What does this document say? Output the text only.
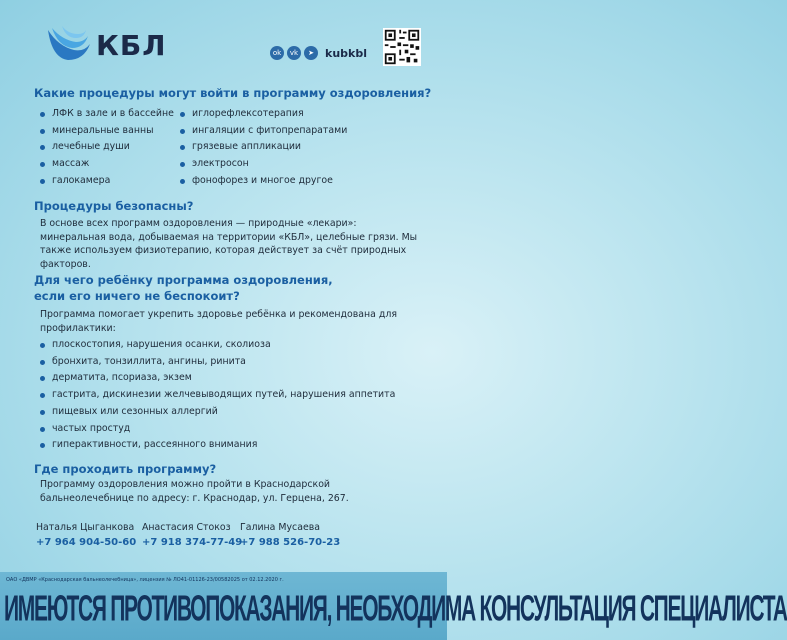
КБЛ	ok	vk	➤	kubkbl
Какие процедуры могут войти в программу оздоровления?
ЛФК в зале и в бассейне
минеральные ванны
лечебные души
массаж
галокамера
иглорефлексотерапия
ингаляции с фитопрепаратами
грязевые аппликации
электросон
фонофорез и многое другое
Процедуры безопасны?

В основе всех программ оздоровления — природные «лекари»: минеральная вода, добываемая на территории «КБЛ», целебные грязи. Мы также используем физиотерапию, которая действует за счёт природных факторов.

Для чего ребёнку программа оздоровления, если его ничего не беспокоит?

Программа помогает укрепить здоровье ребёнка и рекомендована для профилактики:

плоскостопия, нарушения осанки, сколиоза
бронхита, тонзиллита, ангины, ринита
дерматита, псориаза, экзем
гастрита, дискинезии желчевыводящих путей, нарушения аппетита
пищевых или сезонных аллергий
частых простуд
гиперактивности, рассеянного внимания
Где проходить программу?

Программу оздоровления можно пройти в Краснодарской бальнеолечебнице по адресу: г. Краснодар, ул. Герцена, 267.

Наталья Цыганкова
+7 964 904-50-60
Анастасия Стокоз
+7 918 374-77-49
Галина Мусаева
+7 988 526-70-23
ОАО «ДВМР «Краснодарская бальнеолечебница», лицензия № ЛО41-01126-23/00582025 от 02.12.2020 г.
ИМЕЮТСЯ ПРОТИВОПОКАЗАНИЯ, НЕОБХОДИМА КОНСУЛЬТАЦИЯ СПЕЦИАЛИСТА
